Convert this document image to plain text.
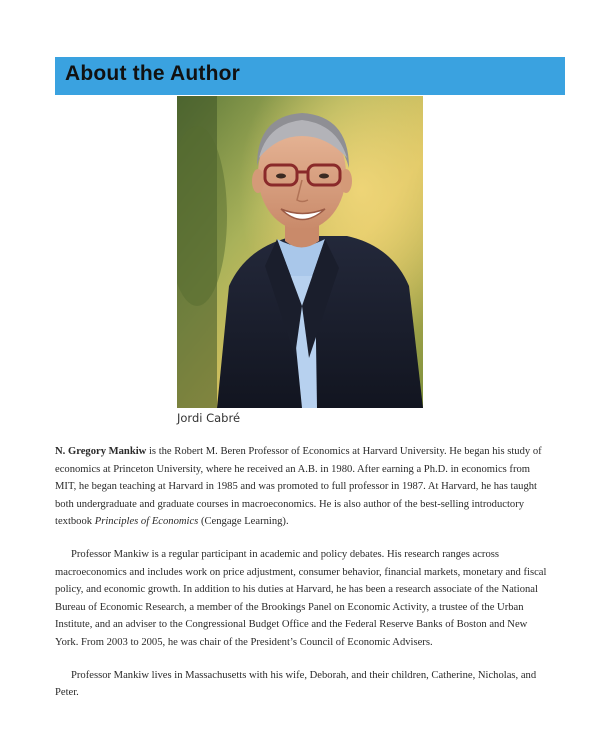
About the Author
Jordi Cabré

N. Gregory Mankiw is the Robert M. Beren Professor of Economics at Harvard University. He began his study of economics at Princeton University, where he received an A.B. in 1980. After earning a Ph.D. in economics from MIT, he began teaching at Harvard in 1985 and was promoted to full professor in 1987. At Harvard, he has taught both undergraduate and graduate courses in macroeconomics. He is also author of the best-selling introductory textbook Principles of Economics (Cengage Learning).

Professor Mankiw is a regular participant in academic and policy debates. His research ranges across macroeconomics and includes work on price adjustment, consumer behavior, financial markets, monetary and fiscal policy, and economic growth. In addition to his duties at Harvard, he has been a research associate of the National Bureau of Economic Research, a member of the Brookings Panel on Economic Activity, a trustee of the Urban Institute, and an adviser to the Congressional Budget Office and the Federal Reserve Banks of Boston and New York. From 2003 to 2005, he was chair of the President’s Council of Economic Advisers.

Professor Mankiw lives in Massachusetts with his wife, Deborah, and their children, Catherine, Nicholas, and Peter.
